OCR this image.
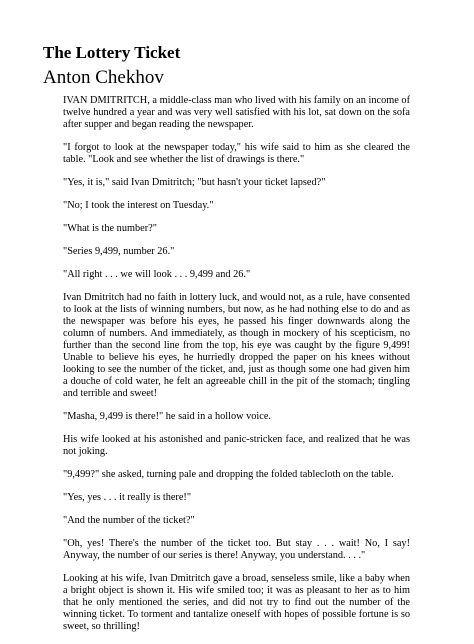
The Lottery Ticket
Anton Chekhov

IVAN DMITRITCH, a middle-class man who lived with his family on an income of twelve hundred a year and was very well satisfied with his lot, sat down on the sofa after supper and began reading the newspaper.

"I forgot to look at the newspaper today," his wife said to him as she cleared the table. "Look and see whether the list of drawings is there."

"Yes, it is," said Ivan Dmitritch; "but hasn't your ticket lapsed?"

"No; I took the interest on Tuesday."

"What is the number?"

"Series 9,499, number 26."

"All right . . . we will look . . . 9,499 and 26."

Ivan Dmitritch had no faith in lottery luck, and would not, as a rule, have consented to look at the lists of winning numbers, but now, as he had nothing else to do and as the newspaper was before his eyes, he passed his finger downwards along the column of numbers. And immediately, as though in mockery of his scepticism, no further than the second line from the top, his eye was caught by the figure 9,499! Unable to believe his eyes, he hurriedly dropped the paper on his knees without looking to see the number of the ticket, and, just as though some one had given him a douche of cold water, he felt an agreeable chill in the pit of the stomach; tingling and terrible and sweet!

"Masha, 9,499 is there!" he said in a hollow voice.

His wife looked at his astonished and panic-stricken face, and realized that he was not joking.

"9,499?" she asked, turning pale and dropping the folded tablecloth on the table.

"Yes, yes . . . it really is there!"

"And the number of the ticket?"

"Oh, yes! There's the number of the ticket too. But stay . . . wait! No, I say! Anyway, the number of our series is there! Anyway, you understand. . . ."

Looking at his wife, Ivan Dmitritch gave a broad, senseless smile, like a baby when a bright object is shown it. His wife smiled too; it was as pleasant to her as to him that he only mentioned the series, and did not try to find out the number of the winning ticket. To torment and tantalize oneself with hopes of possible fortune is so sweet, so thrilling!
